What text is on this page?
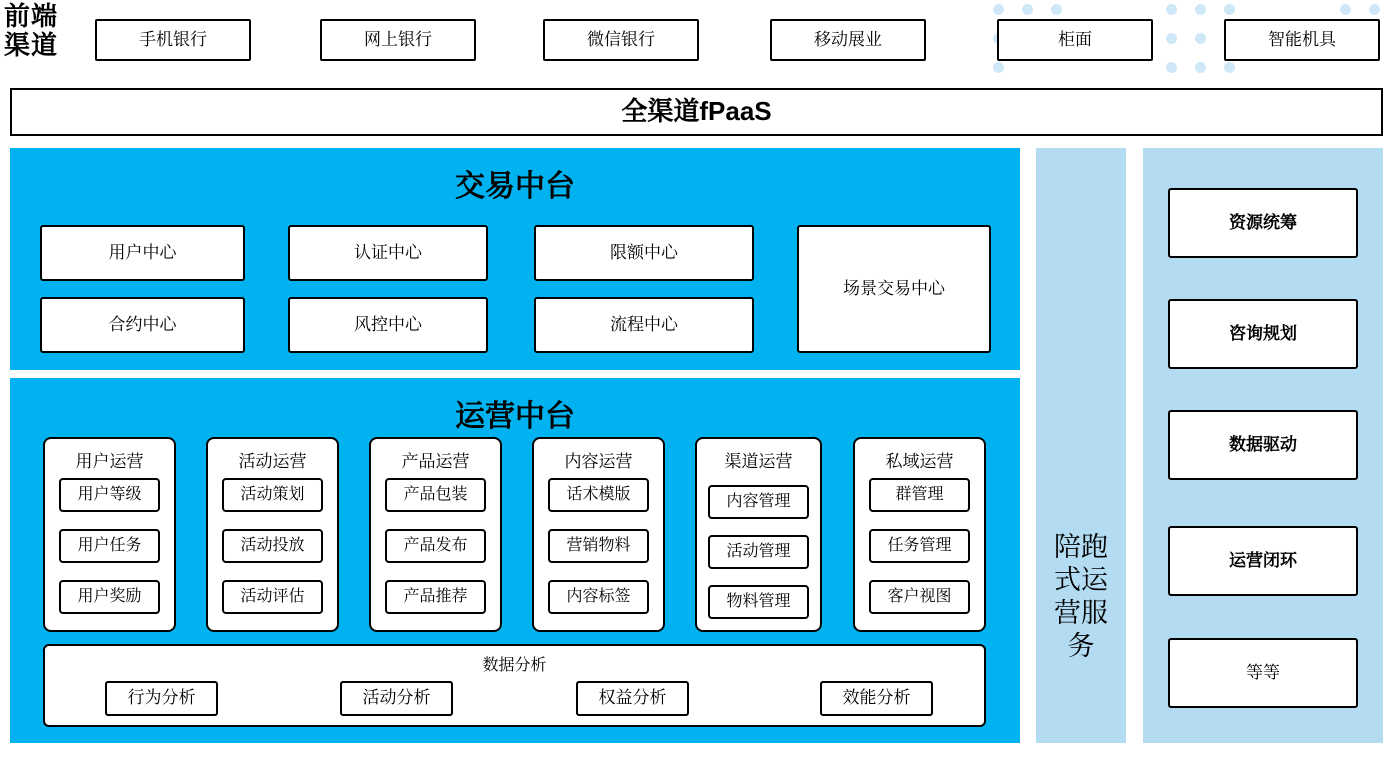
前端渠道	手机银行	网上银行	微信银行	移动展业	柜面	智能机具
全渠道fPaaS
交易中台
用户中心	认证中心	限额中心
场景交易中心
合约中心	风控中心	流程中心
运营中台
用户运营
用户等级
用户任务
用户奖励
活动运营
活动策划
活动投放
活动评估
产品运营
产品包装
产品发布
产品推荐
内容运营
话术模版
营销物料
内容标签
渠道运营
内容管理
活动管理
物料管理
私域运营
群管理
任务管理
客户视图
数据分析
行为分析	活动分析	权益分析	效能分析
陪跑式运营服务
资源统筹
咨询规划
数据驱动
运营闭环
等等
